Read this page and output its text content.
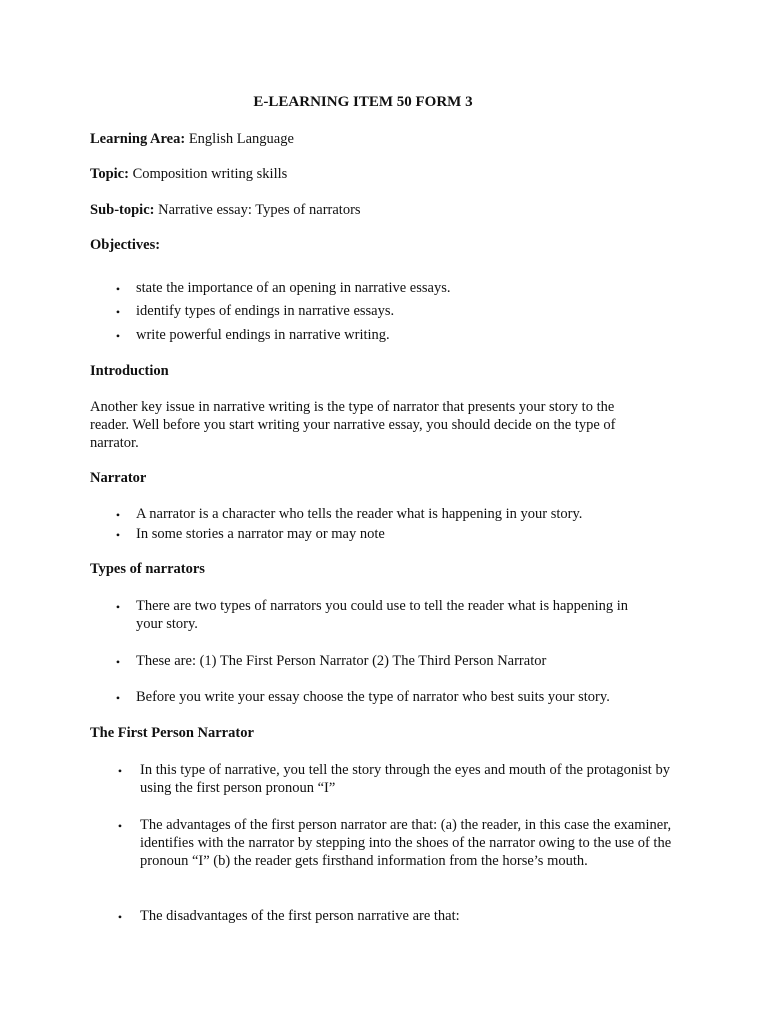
E-LEARNING ITEM 50 FORM 3
Learning Area: English Language
Topic: Composition writing skills
Sub-topic: Narrative essay: Types of narrators
Objectives:
• state the importance of an opening in narrative essays.
• identify types of endings in narrative essays.
• write powerful endings in narrative writing.
Introduction
Another key issue in narrative writing is the type of narrator that presents your story to the reader. Well before you start writing your narrative essay, you should decide on the type of narrator.
Narrator
• A narrator is a character who tells the reader what is happening in your story.
• In some stories a narrator may or may note
Types of narrators
• There are two types of narrators you could use to tell the reader what is happening in your story.
• These are: (1) The First Person Narrator (2) The Third Person Narrator
• Before you write your essay choose the type of narrator who best suits your story.
The First Person Narrator
• In this type of narrative, you tell the story through the eyes and mouth of the protagonist by using the first person pronoun “I”
• The advantages of the first person narrator are that: (a) the reader, in this case the examiner, identifies with the narrator by stepping into the shoes of the narrator owing to the use of the pronoun “I” (b) the reader gets firsthand information from the horse’s mouth.
• The disadvantages of the first person narrative are that:
